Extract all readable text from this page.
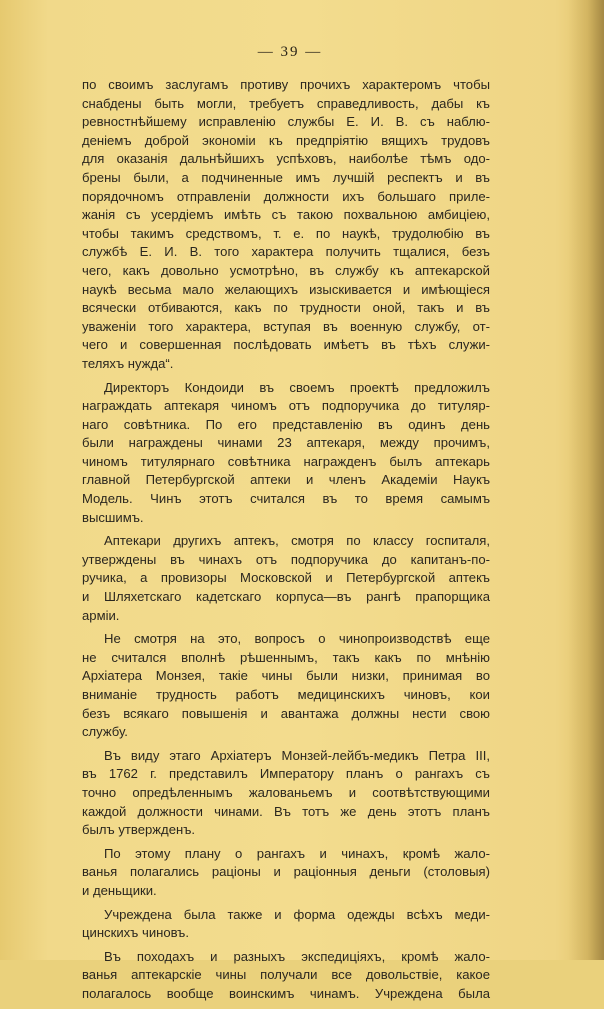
— 39 —
по своимъ заслугамъ противу прочихъ характеромъ чтобы
снабдены быть могли, требуетъ справедливость, дабы къ
ревностнѣйшему исправленію службы Е. И. В. съ наблю-
деніемъ доброй экономіи къ предпріятію вящихъ трудовъ
для оказанія дальнѣйшихъ успѣховъ, наиболѣе тѣмъ одо-
брены были, а подчиненные имъ лучшій респектъ и въ
порядочномъ отправленіи должности ихъ большаго приле-
жанія съ усердіемъ имѣть съ такою похвальною амбиціею,
чтобы такимъ средствомъ, т. е. по наукѣ, трудолюбію въ
службѣ Е. И. В. того характера получить тщалися, безъ
чего, какъ довольно усмотрѣно, въ службу къ аптекарской
наукѣ весьма мало желающихъ изыскивается и имѣющіеся
всячески отбиваются, какъ по трудности оной, такъ и въ
уваженіи того характера, вступая въ военную службу, от-
чего и совершенная послѣдовать имѣетъ въ тѣхъ служи-
теляхъ нужда“.
Директоръ Кондоиди въ своемъ проектѣ предложилъ
награждать аптекаря чиномъ отъ подпоручика до титуляр-
наго совѣтника. По его представленію въ одинъ день
были награждены чинами 23 аптекаря, между прочимъ,
чиномъ титулярнаго совѣтника награжденъ былъ аптекарь
главной Петербургской аптеки и членъ Академіи Наукъ
Модель. Чинъ этотъ считался въ то время самымъ
высшимъ.
Аптекари другихъ аптекъ, смотря по классу госпиталя,
утверждены въ чинахъ отъ подпоручика до капитанъ-по-
ручика, а провизоры Московской и Петербургской аптекъ
и Шляхетскаго кадетскаго корпуса—въ рангѣ прапорщика
арміи.
Не смотря на это, вопросъ о чинопроизводствѣ еще
не считался вполнѣ рѣшеннымъ, такъ какъ по мнѣнію
Архіатера Монзея, такіе чины были низки, принимая во
вниманіе трудность работъ медицинскихъ чиновъ, кои
безъ всякаго повышенія и авантажа должны нести свою
службу.
Въ виду этаго Архіатеръ Монзей-лейбъ-медикъ Петра III,
въ 1762 г. представилъ Императору планъ о рангахъ съ
точно опредѣленнымъ жалованьемъ и соотвѣтствующими
каждой должности чинами. Въ тотъ же день этотъ планъ
былъ утвержденъ.
По этому плану о рангахъ и чинахъ, кромѣ жало-
ванья полагались раціоны и раціонныя деньги (столовыя)
и деньщики.
Учреждена была также и форма одежды всѣхъ меди-
цинскихъ чиновъ.
Въ походахъ и разныхъ экспедиціяхъ, кромѣ жало-
ванья аптекарскіе чины получали все довольствіе, какое
полагалось вообще воинскимъ чинамъ. Учреждена была
